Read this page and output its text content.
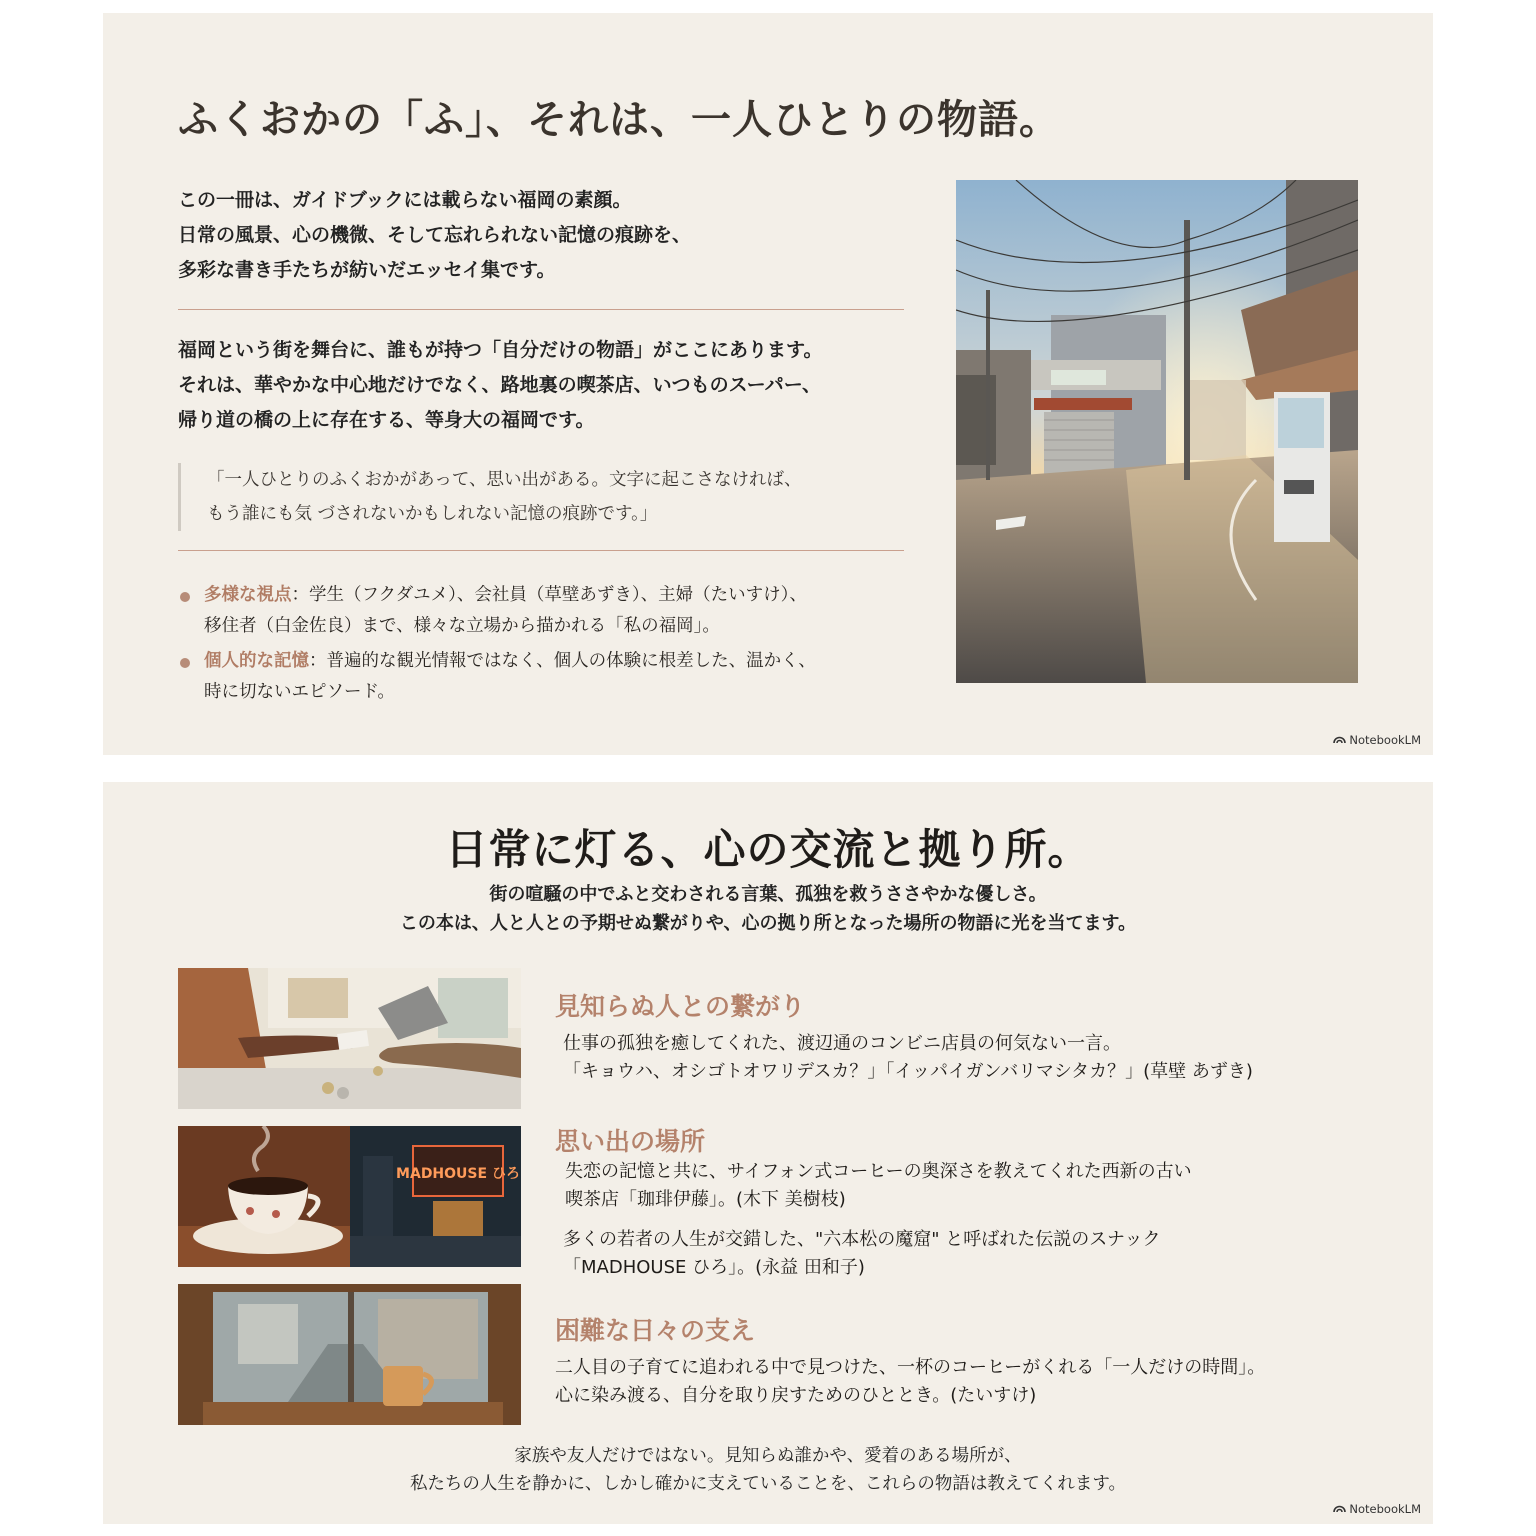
ふくおかの「ふ」、それは、一人ひとりの物語。
この一冊は、ガイドブックには載らない福岡の素顔。
日常の風景、心の機微、そして忘れられない記憶の痕跡を、
多彩な書き手たちが紡いだエッセイ集です。
福岡という街を舞台に、誰もが持つ「自分だけの物語」がここにあります。
それは、華やかな中心地だけでなく、路地裏の喫茶店、いつものスーパー、
帰り道の橋の上に存在する、等身大の福岡です。
「一人ひとりのふくおかがあって、思い出がある。文字に起こさなければ、
もう誰にも気 づされないかもしれない記憶の痕跡です。」
多様な視点：学生（フクダユメ）、会社員（草壁あずき）、主婦（たいすけ）、
移住者（白金佐良）まで、様々な立場から描かれる「私の福岡」。
個人的な記憶：普遍的な観光情報ではなく、個人の体験に根差した、温かく、
時に切ないエピソード。
NotebookLM
日常に灯る、心の交流と拠り所。
街の喧騒の中でふと交わされる言葉、孤独を救うささやかな優しさ。
この本は、人と人との予期せぬ繋がりや、心の拠り所となった場所の物語に光を当てます。
MADHOUSE ひろ
見知らぬ人との繋がり
仕事の孤独を癒してくれた、渡辺通のコンビニ店員の何気ない一言。
「キョウハ、オシゴトオワリデスカ？」「イッパイガンバリマシタカ？」(草壁 あずき)
思い出の場所
失恋の記憶と共に、サイフォン式コーヒーの奥深さを教えてくれた西新の古い
喫茶店「珈琲伊藤」。(木下 美樹枝)
多くの若者の人生が交錯した、"六本松の魔窟" と呼ばれた伝説のスナック
「MADHOUSE ひろ」。(永益 田和子)
困難な日々の支え
二人目の子育てに追われる中で見つけた、一杯のコーヒーがくれる「一人だけの時間」。
心に染み渡る、自分を取り戻すためのひととき。(たいすけ)
家族や友人だけではない。見知らぬ誰かや、愛着のある場所が、
私たちの人生を静かに、しかし確かに支えていることを、これらの物語は教えてくれます。
NotebookLM
